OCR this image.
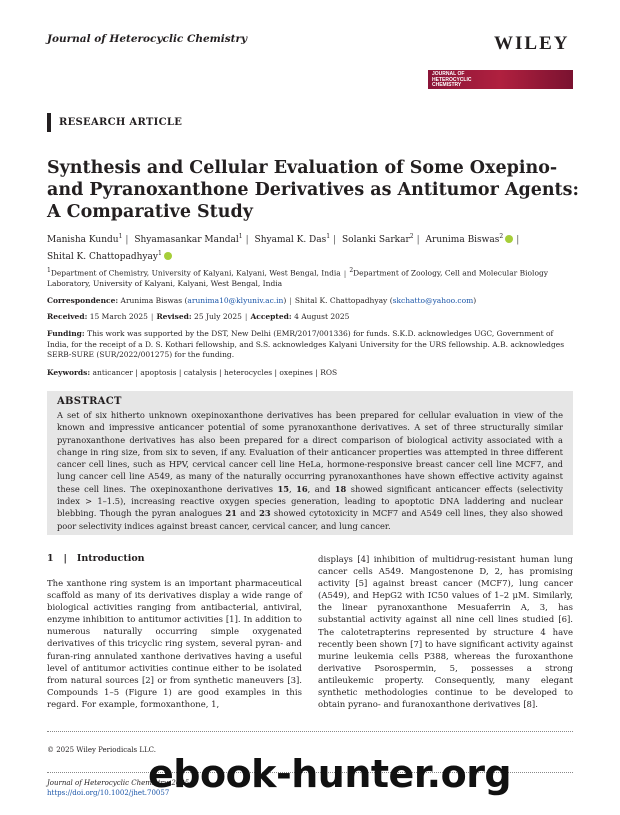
Journal of Heterocyclic Chemistry	WILEY
JOURNAL OF
HETEROCYCLIC
CHEMISTRY
RESEARCH ARTICLE
Synthesis and Cellular Evaluation of Some Oxepino-
and Pyranoxanthone Derivatives as Antitumor Agents:
A Comparative Study
Manisha Kundu$^1$ | Shyamasankar Mandal$^1$ | Shyamal K. Das$^1$ | Solanki Sarkar$^2$ | Arunima Biswas$^2$ |
Shital K. Chattopadhyay$^1$
$^1$Department of Chemistry, University of Kalyani, Kalyani, West Bengal, India | $^2$Department of Zoology, Cell and Molecular Biology Laboratory, University of Kalyani, Kalyani, West Bengal, India
Correspondence: Arunima Biswas (arunima10@klyuniv.ac.in) | Shital K. Chattopadhyay (skchatto@yahoo.com)
Received: 15 March 2025 | Revised: 25 July 2025 | Accepted: 4 August 2025
Funding: This work was supported by the DST, New Delhi (EMR/2017/001336) for funds. S.K.D. acknowledges UGC, Government of India, for the receipt of a D. S. Kothari fellowship, and S.S. acknowledges Kalyani University for the URS fellowship. A.B. acknowledges SERB-SURE (SUR/2022/001275) for the funding.
Keywords: anticancer | apoptosis | catalysis | heterocycles | oxepines | ROS
ABSTRACT

A set of six hitherto unknown oxepinoxanthone derivatives has been prepared for cellular evaluation in view of the known and impressive anticancer potential of some pyranoxanthone derivatives. A set of three structurally similar pyranoxanthone derivatives has also been prepared for a direct comparison of biological activity associated with a change in ring size, from six to seven, if any. Evaluation of their anticancer properties was attempted in three different cancer cell lines, such as HPV, cervical cancer cell line HeLa, hormone-responsive breast cancer cell line MCF7, and lung cancer cell line A549, as many of the naturally occurring pyranoxanthones have shown effective activity against these cell lines. The oxepinoxanthone derivatives 15, 16, and 18 showed significant anticancer effects (selectivity index > 1–1.5), increasing reactive oxygen species generation, leading to apoptotic DNA laddering and nuclear blebbing. Though the pyran analogues 21 and 23 showed cytotoxicity in MCF7 and A549 cell lines, they also showed poor selectivity indices against breast cancer, cervical cancer, and lung cancer.

1   |   Introduction
The xanthone ring system is an important pharmaceutical scaffold as many of its derivatives display a wide range of biological activities ranging from antibacterial, antiviral, enzyme inhibition to antitumor activities [1]. In addition to numerous naturally occurring simple oxygenated derivatives of this tricyclic ring system, several pyran- and furan-ring annulated xanthone derivatives having a useful level of antitumor activities continue either to be isolated from natural sources [2] or from synthetic maneuvers [3]. Compounds 1–5 (Figure 1) are good examples in this regard. For example, formoxanthone, 1,
displays [4] inhibition of multidrug-resistant human lung cancer cells A549. Mangostenone D, 2, has promising activity [5] against breast cancer (MCF7), lung cancer (A549), and HepG2 with IC50 values of 1–2 μM. Similarly, the linear pyranoxanthone Mesuaferrin A, 3, has substantial activity against all nine cell lines studied [6]. The calotetrapterins represented by structure 4 have recently been shown [7] to have significant activity against murine leukemia cells P388, whereas the furoxanthone derivative Psorospermin, 5, possesses a strong antileukemic property. Consequently, many elegant synthetic methodologies continue to be developed to obtain pyrano- and furanoxanthone derivatives [8].
© 2025 Wiley Periodicals LLC.
Journal of Heterocyclic Chemistry, 2025
https://doi.org/10.1002/jhet.70057
ebook-hunter.org
